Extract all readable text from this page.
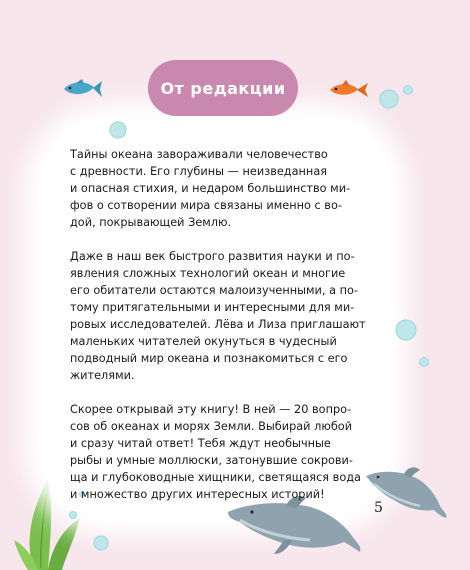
От редакции

Тайны океана завораживали человечество
с древности. Его глубины — неизведанная
и опасная стихия, и недаром большинство ми-
фов о сотворении мира связаны именно с во-
дой, покрывающей Землю.

Даже в наш век быстрого развития науки и по-
явления сложных технологий океан и многие
его обитатели остаются малоизученными, а по-
тому притягательными и интересными для ми-
ровых исследователей. Лёва и Лиза приглашают
маленьких читателей окунуться в чудесный
подводный мир океана и познакомиться с его
жителями.

Скорее открывай эту книгу! В ней — 20 вопро-
сов об океанах и морях Земли. Выбирай любой
и сразу читай ответ! Тебя ждут необычные
рыбы и умные моллюски, затонувшие сокрови-
ща и глубоководные хищники, светящаяся вода
и множество других интересных историй!

5
